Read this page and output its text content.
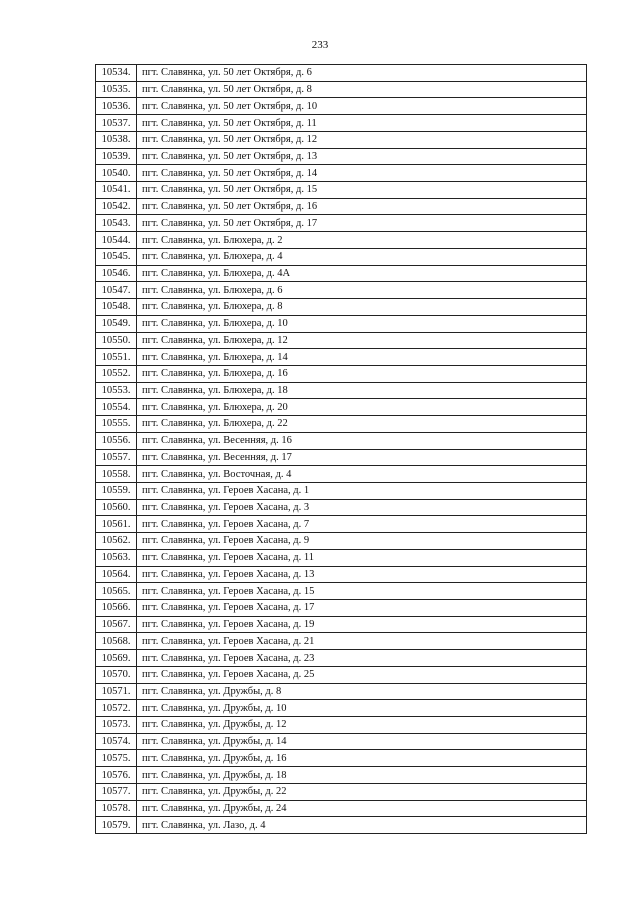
233
10534.	пгт. Славянка, ул. 50 лет Октября, д. 6
10535.	пгт. Славянка, ул. 50 лет Октября, д. 8
10536.	пгт. Славянка, ул. 50 лет Октября, д. 10
10537.	пгт. Славянка, ул. 50 лет Октября, д. 11
10538.	пгт. Славянка, ул. 50 лет Октября, д. 12
10539.	пгт. Славянка, ул. 50 лет Октября, д. 13
10540.	пгт. Славянка, ул. 50 лет Октября, д. 14
10541.	пгт. Славянка, ул. 50 лет Октября, д. 15
10542.	пгт. Славянка, ул. 50 лет Октября, д. 16
10543.	пгт. Славянка, ул. 50 лет Октября, д. 17
10544.	пгт. Славянка, ул. Блюхера, д. 2
10545.	пгт. Славянка, ул. Блюхера, д. 4
10546.	пгт. Славянка, ул. Блюхера, д. 4А
10547.	пгт. Славянка, ул. Блюхера, д. 6
10548.	пгт. Славянка, ул. Блюхера, д. 8
10549.	пгт. Славянка, ул. Блюхера, д. 10
10550.	пгт. Славянка, ул. Блюхера, д. 12
10551.	пгт. Славянка, ул. Блюхера, д. 14
10552.	пгт. Славянка, ул. Блюхера, д. 16
10553.	пгт. Славянка, ул. Блюхера, д. 18
10554.	пгт. Славянка, ул. Блюхера, д. 20
10555.	пгт. Славянка, ул. Блюхера, д. 22
10556.	пгт. Славянка, ул. Весенняя, д. 16
10557.	пгт. Славянка, ул. Весенняя, д. 17
10558.	пгт. Славянка, ул. Восточная, д. 4
10559.	пгт. Славянка, ул. Героев Хасана, д. 1
10560.	пгт. Славянка, ул. Героев Хасана, д. 3
10561.	пгт. Славянка, ул. Героев Хасана, д. 7
10562.	пгт. Славянка, ул. Героев Хасана, д. 9
10563.	пгт. Славянка, ул. Героев Хасана, д. 11
10564.	пгт. Славянка, ул. Героев Хасана, д. 13
10565.	пгт. Славянка, ул. Героев Хасана, д. 15
10566.	пгт. Славянка, ул. Героев Хасана, д. 17
10567.	пгт. Славянка, ул. Героев Хасана, д. 19
10568.	пгт. Славянка, ул. Героев Хасана, д. 21
10569.	пгт. Славянка, ул. Героев Хасана, д. 23
10570.	пгт. Славянка, ул. Героев Хасана, д. 25
10571.	пгт. Славянка, ул. Дружбы, д. 8
10572.	пгт. Славянка, ул. Дружбы, д. 10
10573.	пгт. Славянка, ул. Дружбы, д. 12
10574.	пгт. Славянка, ул. Дружбы, д. 14
10575.	пгт. Славянка, ул. Дружбы, д. 16
10576.	пгт. Славянка, ул. Дружбы, д. 18
10577.	пгт. Славянка, ул. Дружбы, д. 22
10578.	пгт. Славянка, ул. Дружбы, д. 24
10579.	пгт. Славянка, ул. Лазо, д. 4
